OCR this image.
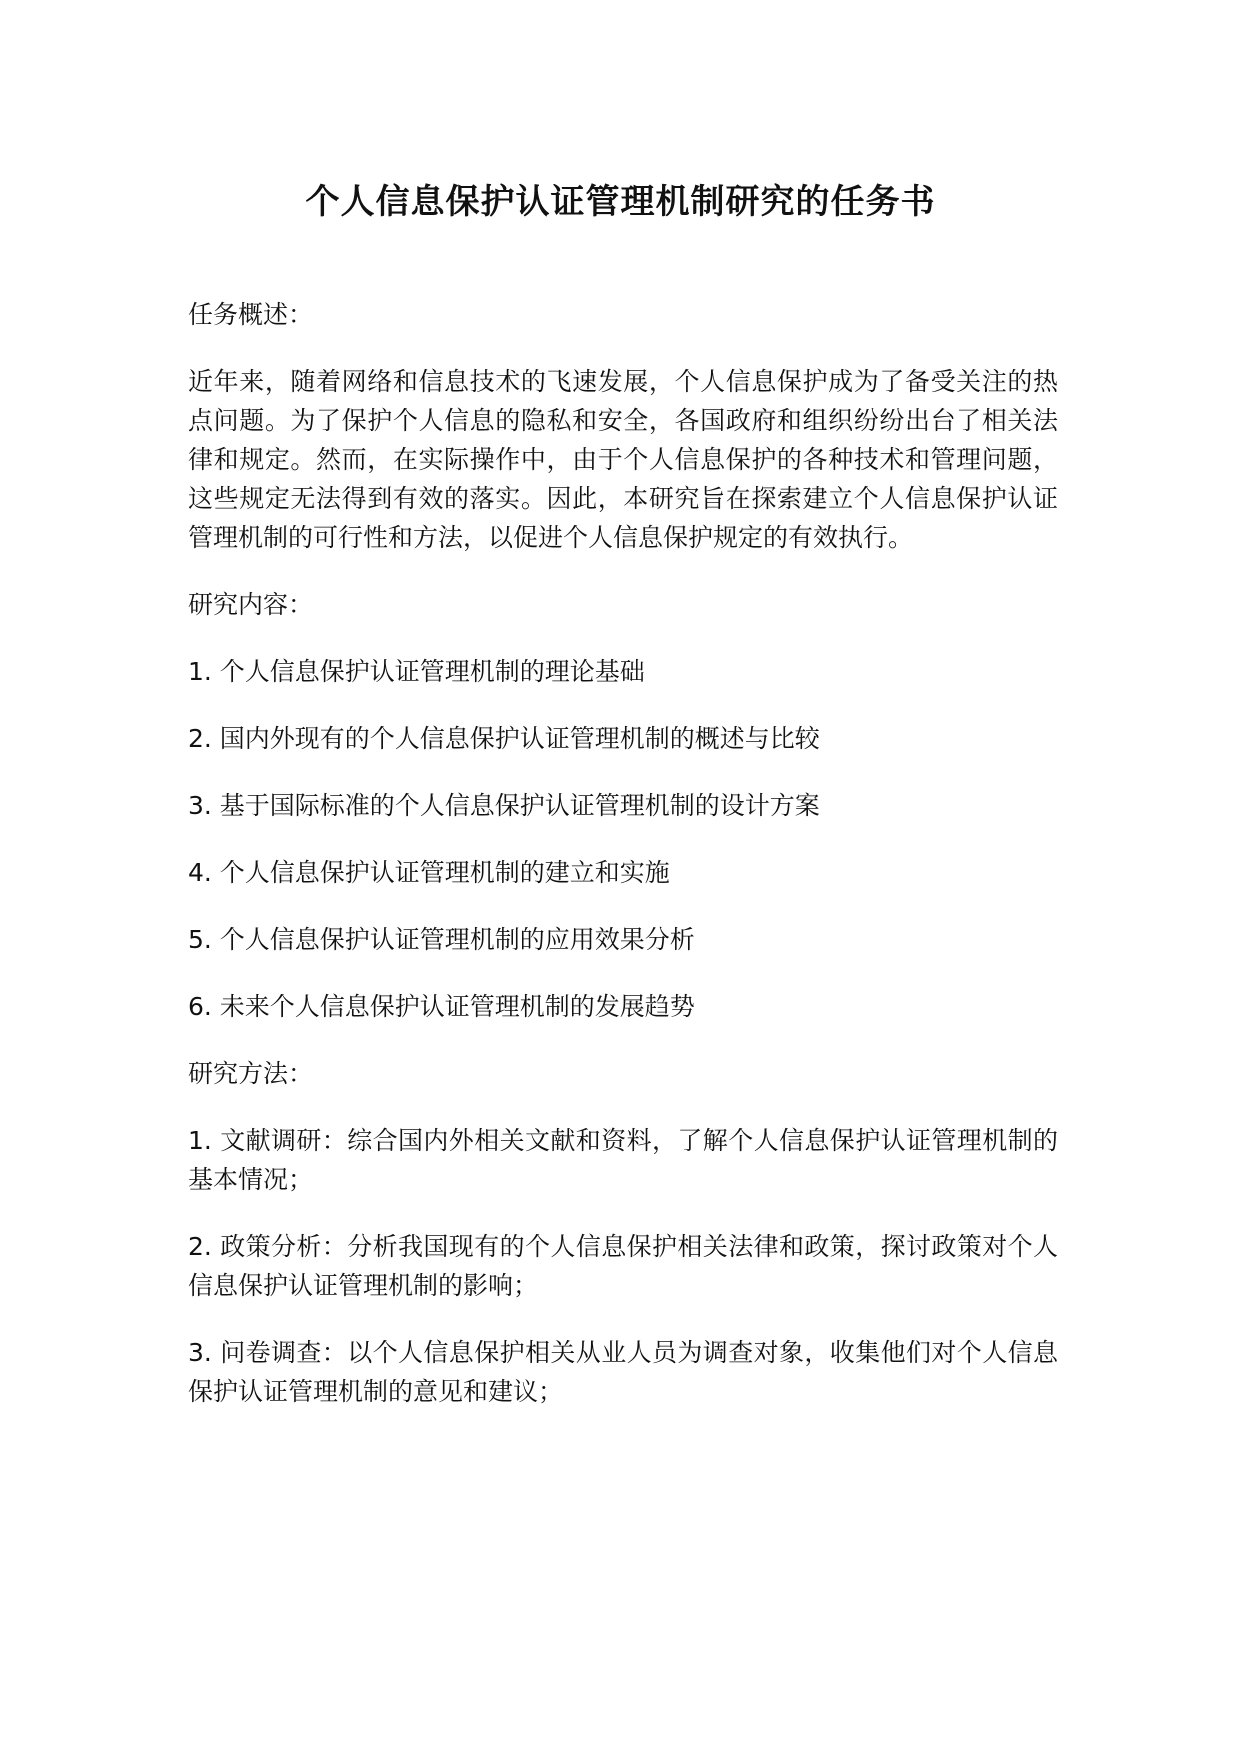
个人信息保护认证管理机制研究的任务书

任务概述：

近年来，随着网络和信息技术的飞速发展，个人信息保护成为了备受关注的热点问题。为了保护个人信息的隐私和安全，各国政府和组织纷纷出台了相关法律和规定。然而，在实际操作中，由于个人信息保护的各种技术和管理问题，这些规定无法得到有效的落实。因此，本研究旨在探索建立个人信息保护认证管理机制的可行性和方法，以促进个人信息保护规定的有效执行。

研究内容：

1. 个人信息保护认证管理机制的理论基础

2. 国内外现有的个人信息保护认证管理机制的概述与比较

3. 基于国际标准的个人信息保护认证管理机制的设计方案

4. 个人信息保护认证管理机制的建立和实施

5. 个人信息保护认证管理机制的应用效果分析

6. 未来个人信息保护认证管理机制的发展趋势

研究方法：

1. 文献调研：综合国内外相关文献和资料，了解个人信息保护认证管理机制的基本情况；

2. 政策分析：分析我国现有的个人信息保护相关法律和政策，探讨政策对个人信息保护认证管理机制的影响；

3. 问卷调查：以个人信息保护相关从业人员为调查对象，收集他们对个人信息保护认证管理机制的意见和建议；
